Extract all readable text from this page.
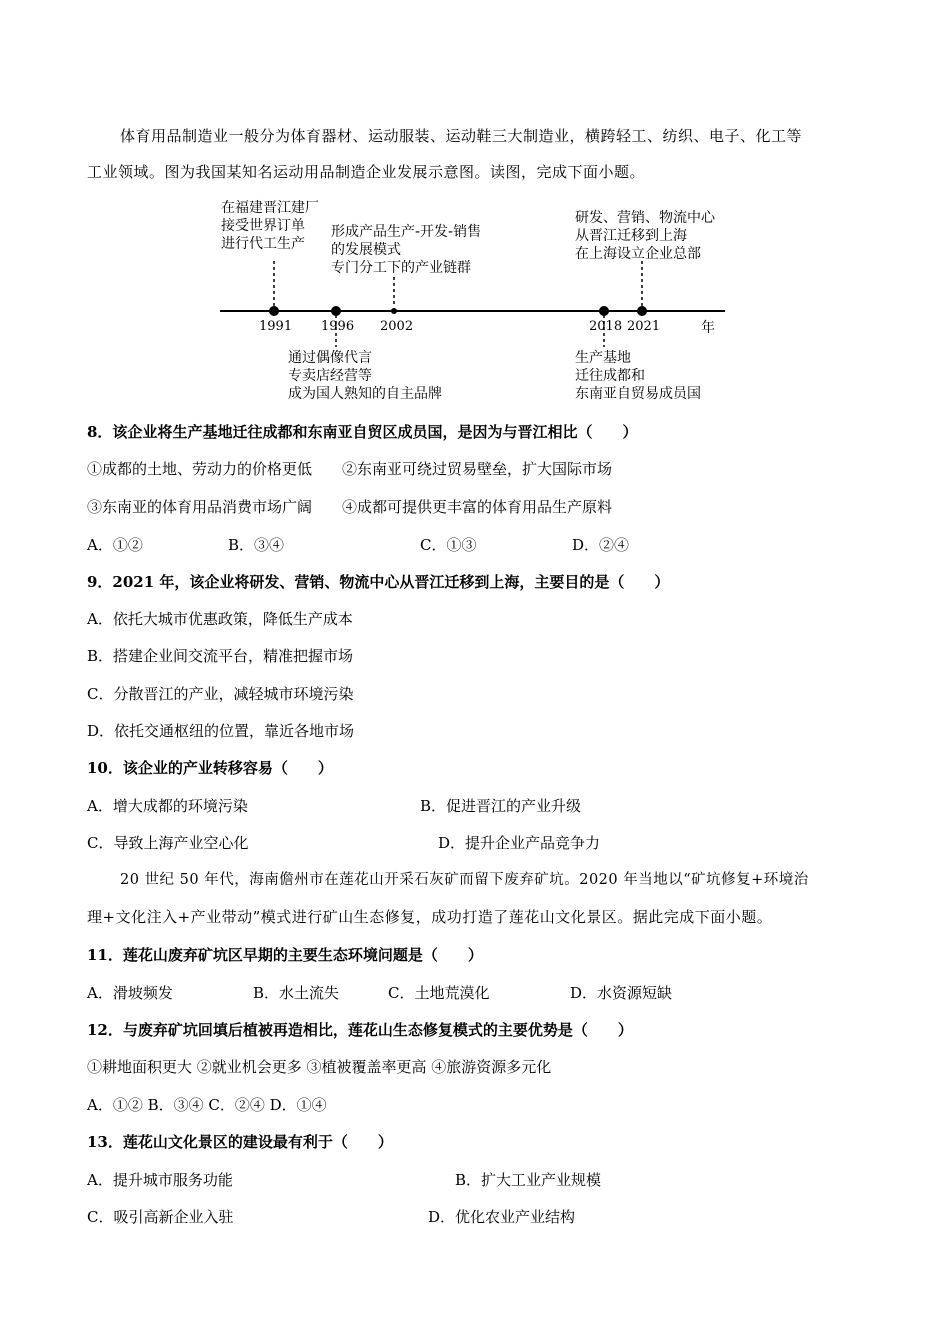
体育用品制造业一般分为体育器材、运动服装、运动鞋三大制造业，横跨轻工、纺织、电子、化工等
工业领域。图为我国某知名运动用品制造企业发展示意图。读图，完成下面小题。
1991 1996 2002	2018 2021	年
在福建晋江建厂
接受世界订单
进行代工生产
形成产品生产-开发-销售
的发展模式
专门分工下的产业链群
研发、营销、物流中心
从晋江迁移到上海
在上海设立企业总部
通过偶像代言
专卖店经营等
成为国人熟知的自主品牌
生产基地
迁往成都和
东南亚自贸易成员国
8．该企业将生产基地迁往成都和东南亚自贸区成员国，是因为与晋江相比（　　）
①成都的土地、劳动力的价格更低　　②东南亚可绕过贸易壁垒，扩大国际市场
③东南亚的体育用品消费市场广阔　　④成都可提供更丰富的体育用品生产原料
A．①②	B．③④	C．①③	D．②④
9．2021 年，该企业将研发、营销、物流中心从晋江迁移到上海，主要目的是（　　）
A．依托大城市优惠政策，降低生产成本
B．搭建企业间交流平台，精准把握市场
C．分散晋江的产业，减轻城市环境污染
D．依托交通枢纽的位置，靠近各地市场
10．该企业的产业转移容易（　　）
A．增大成都的环境污染	B．促进晋江的产业升级
C．导致上海产业空心化	D．提升企业产品竞争力
20 世纪 50 年代，海南儋州市在莲花山开采石灰矿而留下废弃矿坑。2020 年当地以“矿坑修复+环境治
理+文化注入+产业带动”模式进行矿山生态修复，成功打造了莲花山文化景区。据此完成下面小题。
11．莲花山废弃矿坑区早期的主要生态环境问题是（　　）
A．滑坡频发	B．水土流失	C．土地荒漠化	D．水资源短缺
12．与废弃矿坑回填后植被再造相比，莲花山生态修复模式的主要优势是（　　）
①耕地面积更大 ②就业机会更多 ③植被覆盖率更高 ④旅游资源多元化
A．①② B．③④ C．②④ D．①④
13．莲花山文化景区的建设最有利于（　　）
A．提升城市服务功能	B．扩大工业产业规模
C．吸引高新企业入驻	D．优化农业产业结构
